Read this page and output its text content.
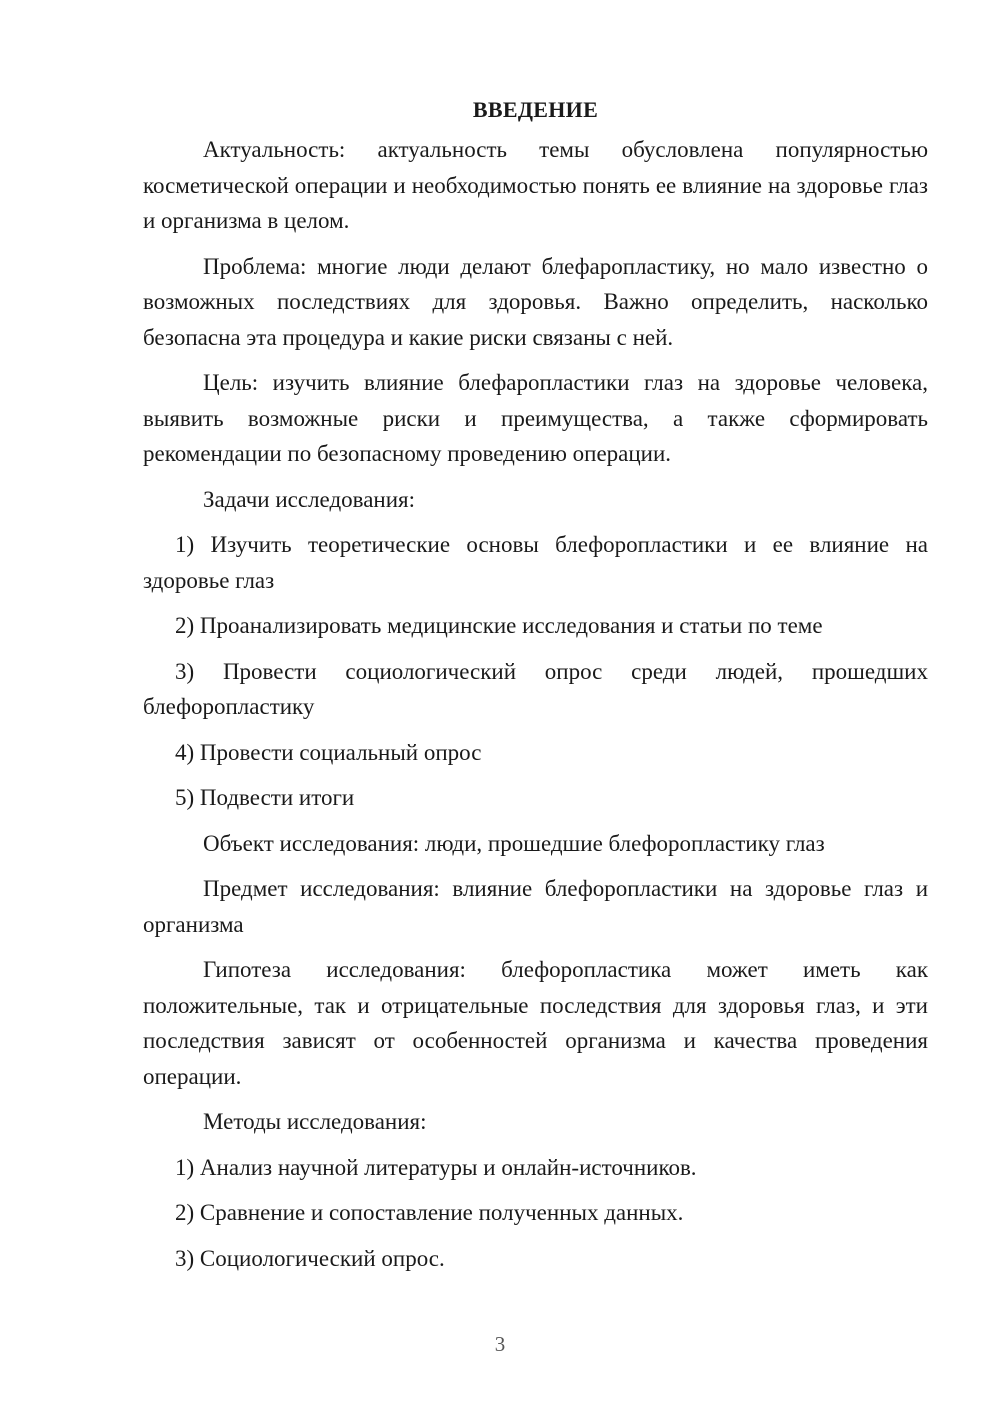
ВВЕДЕНИЕ

Актуальность: актуальность темы обусловлена популярностью косметической операции и необходимостью понять ее влияние на здоровье глаз и организма в целом.

Проблема: многие люди делают блефаропластику, но мало известно о возможных последствиях для здоровья. Важно определить, насколько безопасна эта процедура и какие риски связаны с ней.

Цель: изучить влияние блефаропластики глаз на здоровье человека, выявить возможные риски и преимущества, а также сформировать рекомендации по безопасному проведению операции.

Задачи исследования:

1) Изучить теоретические основы блефоропластики и ее влияние на здоровье глаз

2) Проанализировать медицинские исследования и статьи по теме

3) Провести социологический опрос среди людей, прошедших блефоропластику

4) Провести социальный опрос

5) Подвести итоги

Объект исследования: люди, прошедшие блефоропластику глаз

Предмет исследования: влияние блефоропластики на здоровье глаз и организма

Гипотеза исследования: блефоропластика может иметь как положительные, так и отрицательные последствия для здоровья глаз, и эти последствия зависят от особенностей организма и качества проведения операции.

Методы исследования:

1) Анализ научной литературы и онлайн-источников.

2) Сравнение и сопоставление полученных данных.

3) Социологический опрос.

3
